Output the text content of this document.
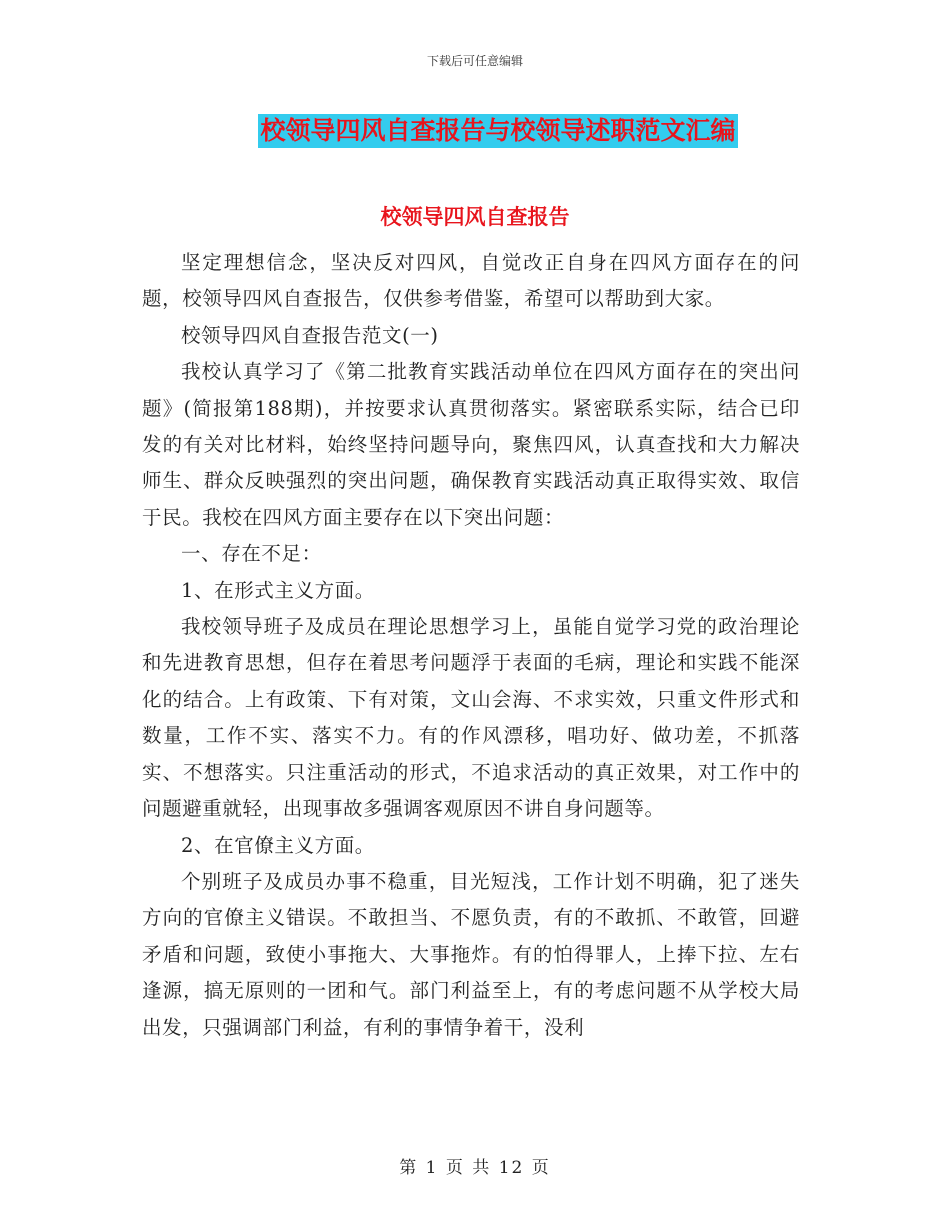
下载后可任意编辑
校领导四风自查报告与校领导述职范文汇编
校领导四风自查报告

坚定理想信念，坚决反对四风，自觉改正自身在四风方面存在的问题，校领导四风自查报告，仅供参考借鉴，希望可以帮助到大家。

校领导四风自查报告范文(一)

我校认真学习了《第二批教育实践活动单位在四风方面存在的突出问题》(简报第188期)，并按要求认真贯彻落实。紧密联系实际，结合已印发的有关对比材料，始终坚持问题导向，聚焦四风，认真查找和大力解决师生、群众反映强烈的突出问题，确保教育实践活动真正取得实效、取信于民。我校在四风方面主要存在以下突出问题：

一、存在不足：

1、在形式主义方面。

我校领导班子及成员在理论思想学习上，虽能自觉学习党的政治理论和先进教育思想，但存在着思考问题浮于表面的毛病，理论和实践不能深化的结合。上有政策、下有对策，文山会海、不求实效，只重文件形式和数量，工作不实、落实不力。有的作风漂移，唱功好、做功差，不抓落实、不想落实。只注重活动的形式，不追求活动的真正效果，对工作中的问题避重就轻，出现事故多强调客观原因不讲自身问题等。

2、在官僚主义方面。

个别班子及成员办事不稳重，目光短浅，工作计划不明确，犯了迷失方向的官僚主义错误。不敢担当、不愿负责，有的不敢抓、不敢管，回避矛盾和问题，致使小事拖大、大事拖炸。有的怕得罪人，上捧下拉、左右逢源，搞无原则的一团和气。部门利益至上，有的考虑问题不从学校大局出发，只强调部门利益，有利的事情争着干，没利

第 1 页 共 12 页
